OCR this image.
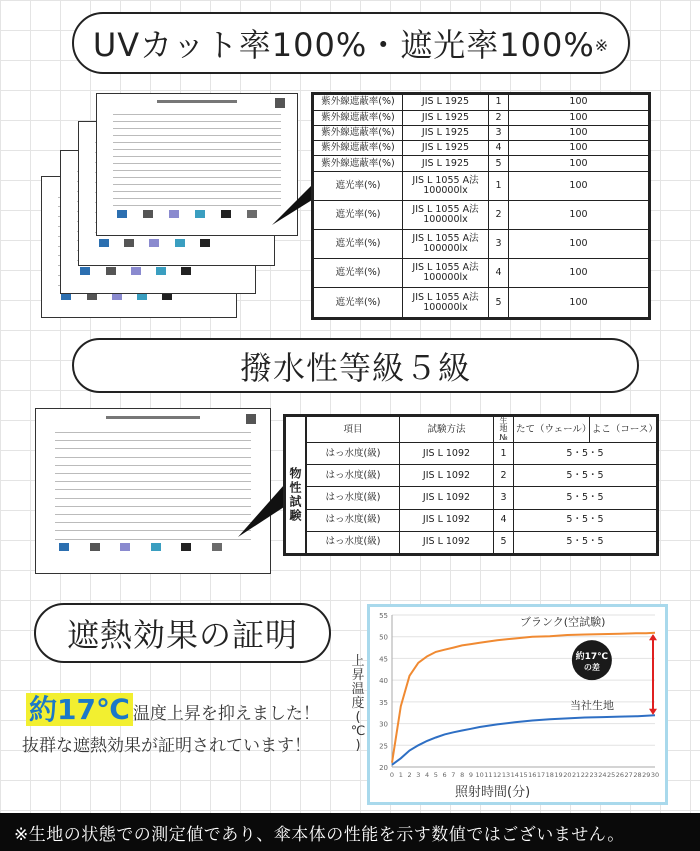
UVカット率100%・遮光率100% ※
紫外線遮蔽率(%)	JIS L 1925	1	100
紫外線遮蔽率(%)	JIS L 1925	2	100
紫外線遮蔽率(%)	JIS L 1925	3	100
紫外線遮蔽率(%)	JIS L 1925	4	100
紫外線遮蔽率(%)	JIS L 1925	5	100
遮光率(%)	JIS L 1055 A法 100000lx	1	100
遮光率(%)	JIS L 1055 A法 100000lx	2	100
遮光率(%)	JIS L 1055 A法 100000lx	3	100
遮光率(%)	JIS L 1055 A法 100000lx	4	100
遮光率(%)	JIS L 1055 A法 100000lx	5	100
撥水性等級５級
物性試験
項目	試験方法	生地№	たて（ウェール）	よこ（コース）
はっ水度(級)	JIS L 1092	1	5・5・5	
はっ水度(級)	JIS L 1092	2	5・5・5	
はっ水度(級)	JIS L 1092	3	5・5・5	
はっ水度(級)	JIS L 1092	4	5・5・5	
はっ水度(級)	JIS L 1092	5	5・5・5	
遮熱効果の証明
約17℃ 温度上昇を抑えました！
抜群な遮熱効果が証明されています！
上
昇
温
度
(
℃
)
20
25
30
35
40
45
50
55
0 1 2 3 4 5 6 7 8 9 10 11 12 13 14 15 16 17 18 19 20 21 22 23 24 25 26 27 28 29 30
ブランク(空試験)
当社生地
約17℃
の差
照射時間(分)
※生地の状態での測定値であり、傘本体の性能を示す数値ではございません。
